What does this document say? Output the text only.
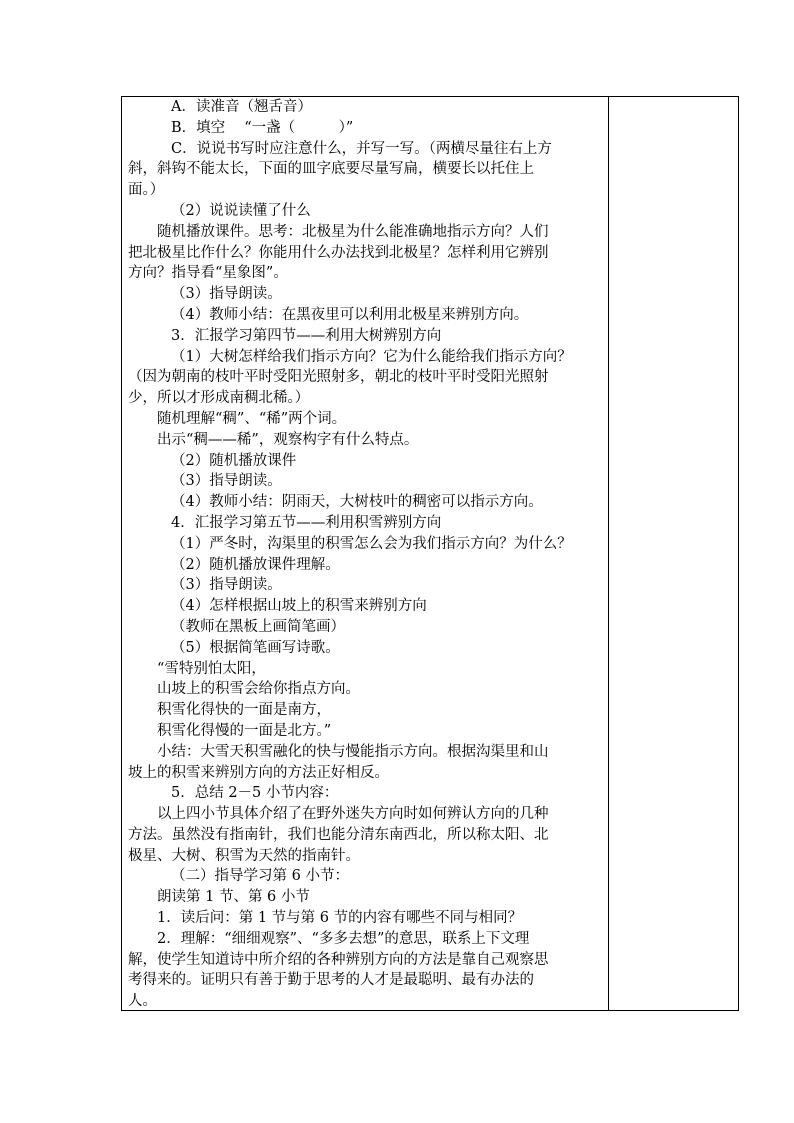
A．读准音（翘舌音）
B．填空　 “一盏（　　　）”
C．说说书写时应注意什么，并写一写。（两横尽量往右上方
斜，斜钩不能太长，下面的皿字底要尽量写扁，横要长以托住上
面。）
（2）说说读懂了什么
随机播放课件。思考：北极星为什么能准确地指示方向？人们
把北极星比作什么？你能用什么办法找到北极星？怎样利用它辨别
方向？指导看“星象图”。
（3）指导朗读。
（4）教师小结：在黑夜里可以利用北极星来辨别方向。
3．汇报学习第四节——利用大树辨别方向
（1）大树怎样给我们指示方向？它为什么能给我们指示方向？
（因为朝南的枝叶平时受阳光照射多，朝北的枝叶平时受阳光照射
少，所以才形成南稠北稀。）
随机理解“稠”、“稀”两个词。
出示“稠——稀”，观察构字有什么特点。
（2）随机播放课件
（3）指导朗读。
（4）教师小结：阴雨天，大树枝叶的稠密可以指示方向。
4．汇报学习第五节——利用积雪辨别方向
（1）严冬时，沟渠里的积雪怎么会为我们指示方向？为什么？
（2）随机播放课件理解。
（3）指导朗读。
（4）怎样根据山坡上的积雪来辨别方向
（教师在黑板上画简笔画）
（5）根据简笔画写诗歌。
“雪特别怕太阳，
山坡上的积雪会给你指点方向。
积雪化得快的一面是南方，
积雪化得慢的一面是北方。”
小结：大雪天积雪融化的快与慢能指示方向。根据沟渠里和山
坡上的积雪来辨别方向的方法正好相反。
5．总结 2－5 小节内容：
以上四小节具体介绍了在野外迷失方向时如何辨认方向的几种
方法。虽然没有指南针，我们也能分清东南西北，所以称太阳、北
极星、大树、积雪为天然的指南针。
（二）指导学习第 6 小节：
朗读第 1 节、第 6 小节
1．读后问：第 1 节与第 6 节的内容有哪些不同与相同？
2．理解：“细细观察”、“多多去想”的意思，联系上下文理
解，使学生知道诗中所介绍的各种辨别方向的方法是靠自己观察思
考得来的。证明只有善于勤于思考的人才是最聪明、最有办法的
人。
